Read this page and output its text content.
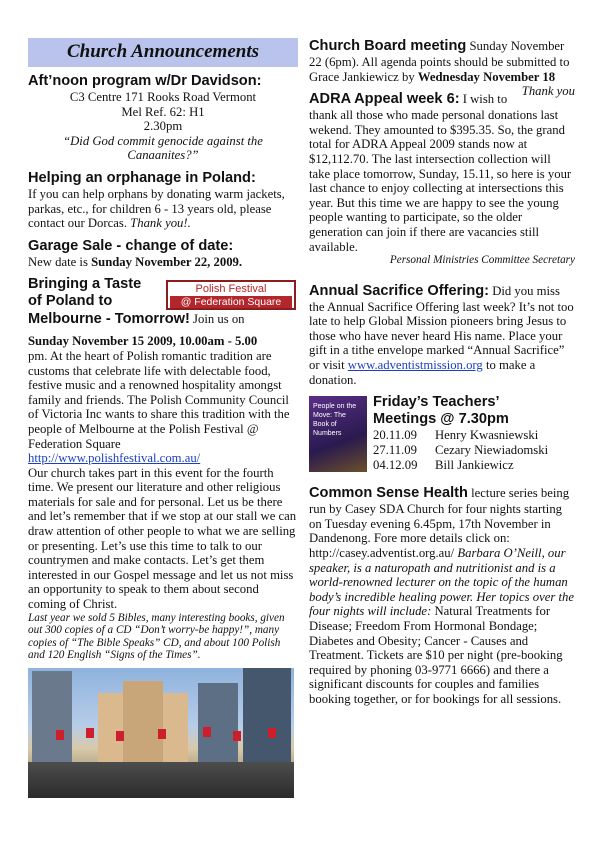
Church Announcements
Aft’noon program w/Dr Davidson:
C3 Centre 171 Rooks Road Vermont
Mel Ref. 62: H1
2.30pm
“Did God commit genocide against the Canaanites?”
Helping an orphanage in Poland:
If you can help orphans by donating warm jackets, parkas, etc., for children 6 - 13 years old, please contact our Dorcas. Thank you!.
Garage Sale - change of date:
New date is Sunday November 22, 2009.
Bringing a Taste
of Poland to
Melbourne - Tomorrow! Join us on
Polish Festival
@ Federation Square
Sunday November 15 2009, 10.00am - 5.00
pm. At the heart of Polish romantic tradition are customs that celebrate life with delectable food, festive music and a renowned hospitality amongst family and friends. The Polish Community Council of Victoria Inc wants to share this tradition with the people of Melbourne at the Polish Festival @ Federation Square
http://www.polishfestival.com.au/
Our church takes part in this event for the fourth time. We present our literature and other religious materials for sale and for personal. Let us be there and let’s remember that if we stop at our stall we can draw attention of other people to what we are selling or presenting. Let’s use this time to talk to our countrymen and make contacts. Let’s get them interested in our Gospel message and let us not miss an opportunity to speak to them about second coming of Christ.
Last year we sold 5 Bibles, many interesting books, given out 300 copies of a CD “Don’t worry-be happy!”, many copies of “The Bible Speaks” CD, and about 100 Polish and 120 English “Signs of the Times”.
Church Board meeting Sunday November 22 (6pm). All agenda points should be submitted to Grace Jankiewicz by Wednesday November 18
Thank you
ADRA Appeal week 6: I wish to thank all those who made personal donations last wekend. They amounted to $395.35. So, the grand total for ADRA Appeal 2009 stands now at $12,112.70. The last intersection collection will take place tomorrow, Sunday, 15.11, so here is your last chance to enjoy collecting at intersections this year. But this time we are happy to see the young people wanting to participate, so the older generation can join if there are vacancies still available.
Personal Ministries Committee Secretary
Annual Sacrifice Offering: Did you miss the Annual Sacrifice Offering last week? It’s not too late to help Global Mission pioneers bring Jesus to those who have never heard His name. Place your gift in a tithe envelope marked “Annual Sacrifice” or visit www.adventistmission.org to make a donation.
People on the Move: The Book of Numbers
Friday’s Teachers’
Meetings @ 7.30pm
20.11.09 Henry Kwasniewski
27.11.09 Cezary Niewiadomski
04.12.09 Bill Jankiewicz
Common Sense Health lecture series being run by Casey SDA Church for four nights starting on Tuesday evening 6.45pm, 17th November in Dandenong. Fore more details click on: http://casey.adventist.org.au/ Barbara O’Neill, our speaker, is a naturopath and nutritionist and is a world-renowned lecturer on the topic of the human body’s incredible healing power. Her topics over the four nights will include: Natural Treatments for Disease; Freedom From Hormonal Bondage; Diabetes and Obesity; Cancer - Causes and Treatment. Tickets are $10 per night (pre-booking required by phoning 03-9771 6666) and there a significant discounts for couples and families booking together, or for bookings for all sessions.
